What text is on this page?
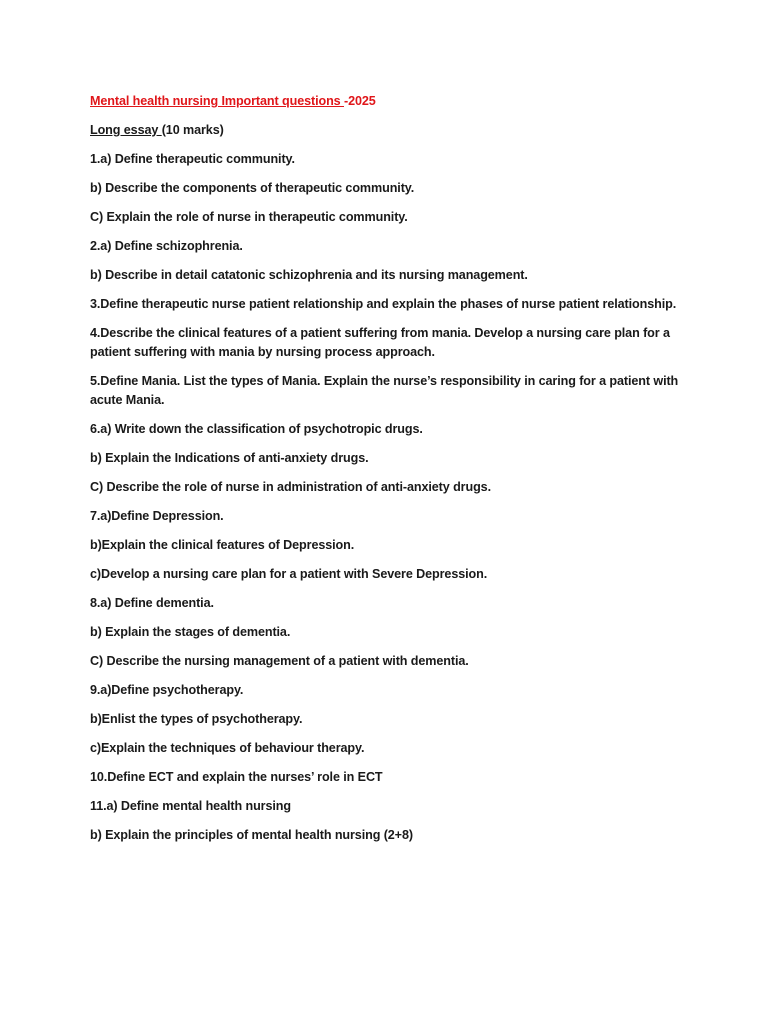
Mental health nursing Important questions -2025
Long essay (10 marks)
1.a) Define therapeutic community.
b) Describe the components of therapeutic community.
C) Explain the role of nurse in therapeutic community.
2.a) Define schizophrenia.
b) Describe in detail catatonic schizophrenia and its nursing management.
3.Define therapeutic nurse patient relationship and explain the phases of nurse patient relationship.
4.Describe the clinical features of a patient suffering from mania. Develop a nursing care plan for a patient suffering with mania by nursing process approach.
5.Define Mania. List the types of Mania. Explain the nurse’s responsibility in caring for a patient with acute Mania.
6.a) Write down the classification of psychotropic drugs.
b) Explain the Indications of anti-anxiety drugs.
C) Describe the role of nurse in administration of anti-anxiety drugs.
7.a)Define Depression.
b)Explain the clinical features of Depression.
c)Develop a nursing care plan for a patient with Severe Depression.
8.a) Define dementia.
b) Explain the stages of dementia.
C) Describe the nursing management of a patient with dementia.
9.a)Define psychotherapy.
b)Enlist the types of psychotherapy.
c)Explain the techniques of behaviour therapy.
10.Define ECT and explain the nurses’ role in ECT
11.a) Define mental health nursing
b) Explain the principles of mental health nursing (2+8)
